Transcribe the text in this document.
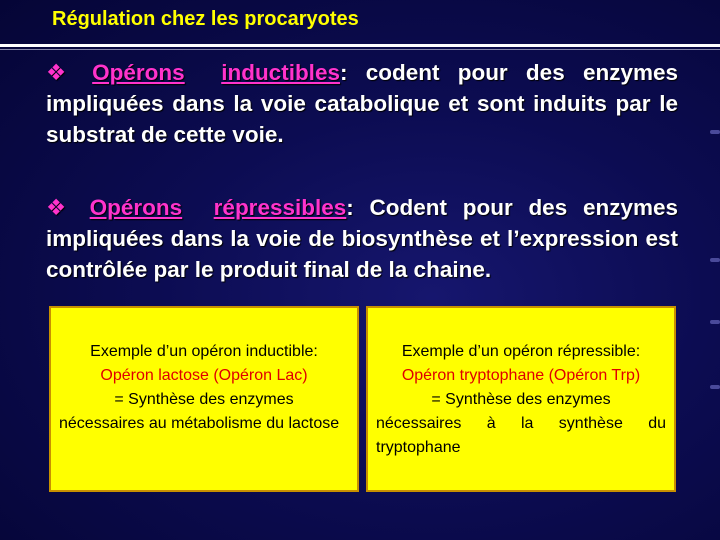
Régulation chez les procaryotes
❖ Opérons inductibles: codent pour des enzymes impliquées dans la voie catabolique et sont induits par le substrat de cette voie.
❖ Opérons répressibles: Codent pour des enzymes impliquées dans la voie de biosynthèse et l’expression est contrôlée par le produit final de la chaine.
Exemple d’un opéron inductible:
Opéron lactose (Opéron Lac)
= Synthèse des enzymes
nécessaires au métabolisme du lactose
Exemple d’un opéron répressible:
Opéron tryptophane (Opéron Trp)
= Synthèse des enzymes
nécessaires à la synthèse du tryptophane
